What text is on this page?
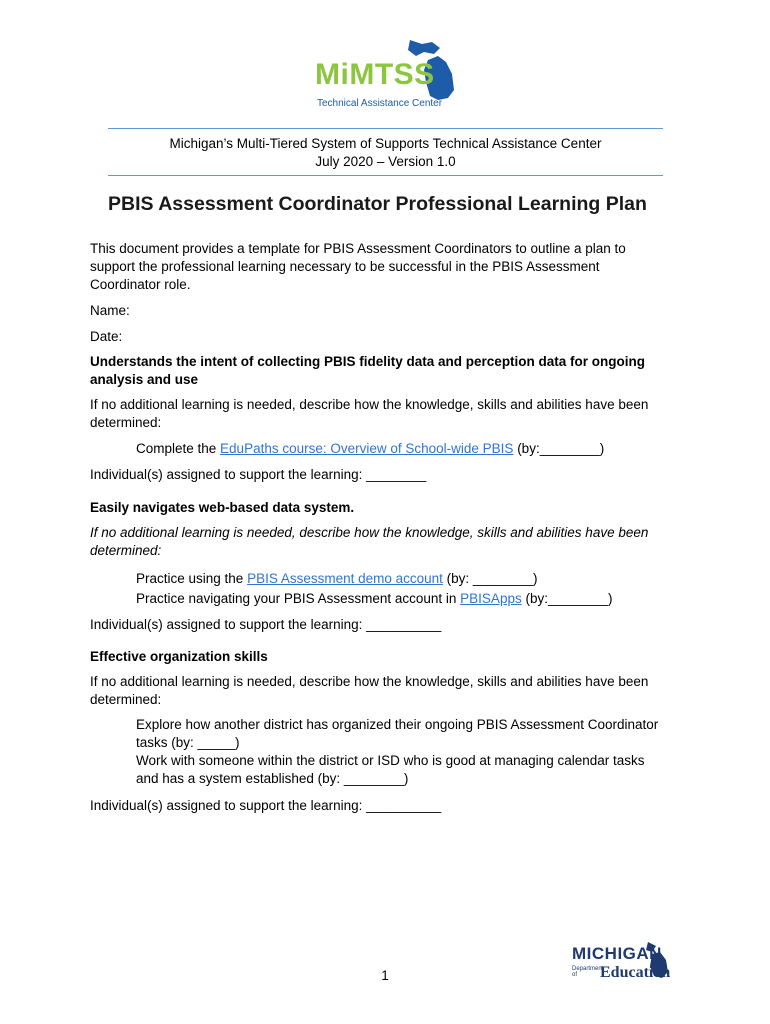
MiMTSS
Technical Assistance Center
Michigan’s Multi-Tiered System of Supports Technical Assistance Center
July 2020 – Version 1.0
PBIS Assessment Coordinator Professional Learning Plan
This document provides a template for PBIS Assessment Coordinators to outline a plan to
support the professional learning necessary to be successful in the PBIS Assessment
Coordinator role.
Name:
Date:
Understands the intent of collecting PBIS fidelity data and perception data for ongoing
analysis and use
If no additional learning is needed, describe how the knowledge, skills and abilities have been
determined:
Complete the EduPaths course: Overview of School-wide PBIS (by:________)
Individual(s) assigned to support the learning: ________
Easily navigates web-based data system.
If no additional learning is needed, describe how the knowledge, skills and abilities have been
determined:
Practice using the PBIS Assessment demo account (by: ________)
Practice navigating your PBIS Assessment account in PBISApps (by:________)
Individual(s) assigned to support the learning: __________
Effective organization skills
If no additional learning is needed, describe how the knowledge, skills and abilities have been
determined:
Explore how another district has organized their ongoing PBIS Assessment Coordinator
tasks (by: _____)
Work with someone within the district or ISD who is good at managing calendar tasks
and has a system established (by: ________)
Individual(s) assigned to support the learning: __________
1
MICHIGAN
Department
of	Education
